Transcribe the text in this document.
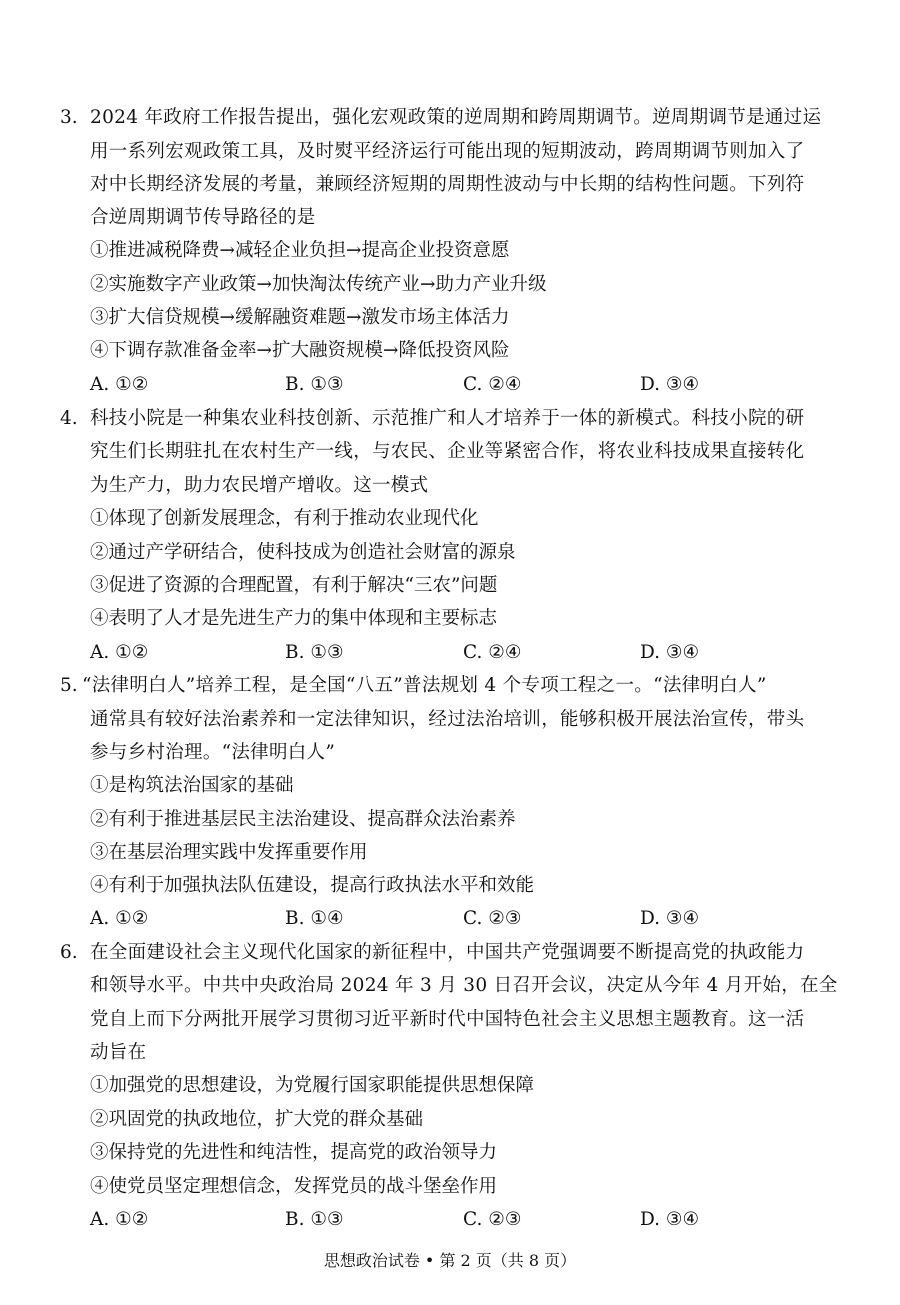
3. 2024 年政府工作报告提出，强化宏观政策的逆周期和跨周期调节。逆周期调节是通过运
用一系列宏观政策工具，及时熨平经济运行可能出现的短期波动，跨周期调节则加入了
对中长期经济发展的考量，兼顾经济短期的周期性波动与中长期的结构性问题。下列符
合逆周期调节传导路径的是
①推进减税降费→减轻企业负担→提高企业投资意愿
②实施数字产业政策→加快淘汰传统产业→助力产业升级
③扩大信贷规模→缓解融资难题→激发市场主体活力
④下调存款准备金率→扩大融资规模→降低投资风险
A. ①②	B. ①③	C. ②④	D. ③④
4. 科技小院是一种集农业科技创新、示范推广和人才培养于一体的新模式。科技小院的研
究生们长期驻扎在农村生产一线，与农民、企业等紧密合作，将农业科技成果直接转化
为生产力，助力农民增产增收。这一模式
①体现了创新发展理念，有利于推动农业现代化
②通过产学研结合，使科技成为创造社会财富的源泉
③促进了资源的合理配置，有利于解决“三农”问题
④表明了人才是先进生产力的集中体现和主要标志
A. ①②	B. ①③	C. ②④	D. ③④
5. “法律明白人”培养工程，是全国“八五”普法规划 4 个专项工程之一。“法律明白人”
通常具有较好法治素养和一定法律知识，经过法治培训，能够积极开展法治宣传，带头
参与乡村治理。“法律明白人”
①是构筑法治国家的基础
②有利于推进基层民主法治建设、提高群众法治素养
③在基层治理实践中发挥重要作用
④有利于加强执法队伍建设，提高行政执法水平和效能
A. ①②	B. ①④	C. ②③	D. ③④
6. 在全面建设社会主义现代化国家的新征程中，中国共产党强调要不断提高党的执政能力
和领导水平。中共中央政治局 2024 年 3 月 30 日召开会议，决定从今年 4 月开始，在全
党自上而下分两批开展学习贯彻习近平新时代中国特色社会主义思想主题教育。这一活
动旨在
①加强党的思想建设，为党履行国家职能提供思想保障
②巩固党的执政地位，扩大党的群众基础
③保持党的先进性和纯洁性，提高党的政治领导力
④使党员坚定理想信念，发挥党员的战斗堡垒作用
A. ①②	B. ①③	C. ②③	D. ③④
思想政治试卷 • 第 2 页（共 8 页）
